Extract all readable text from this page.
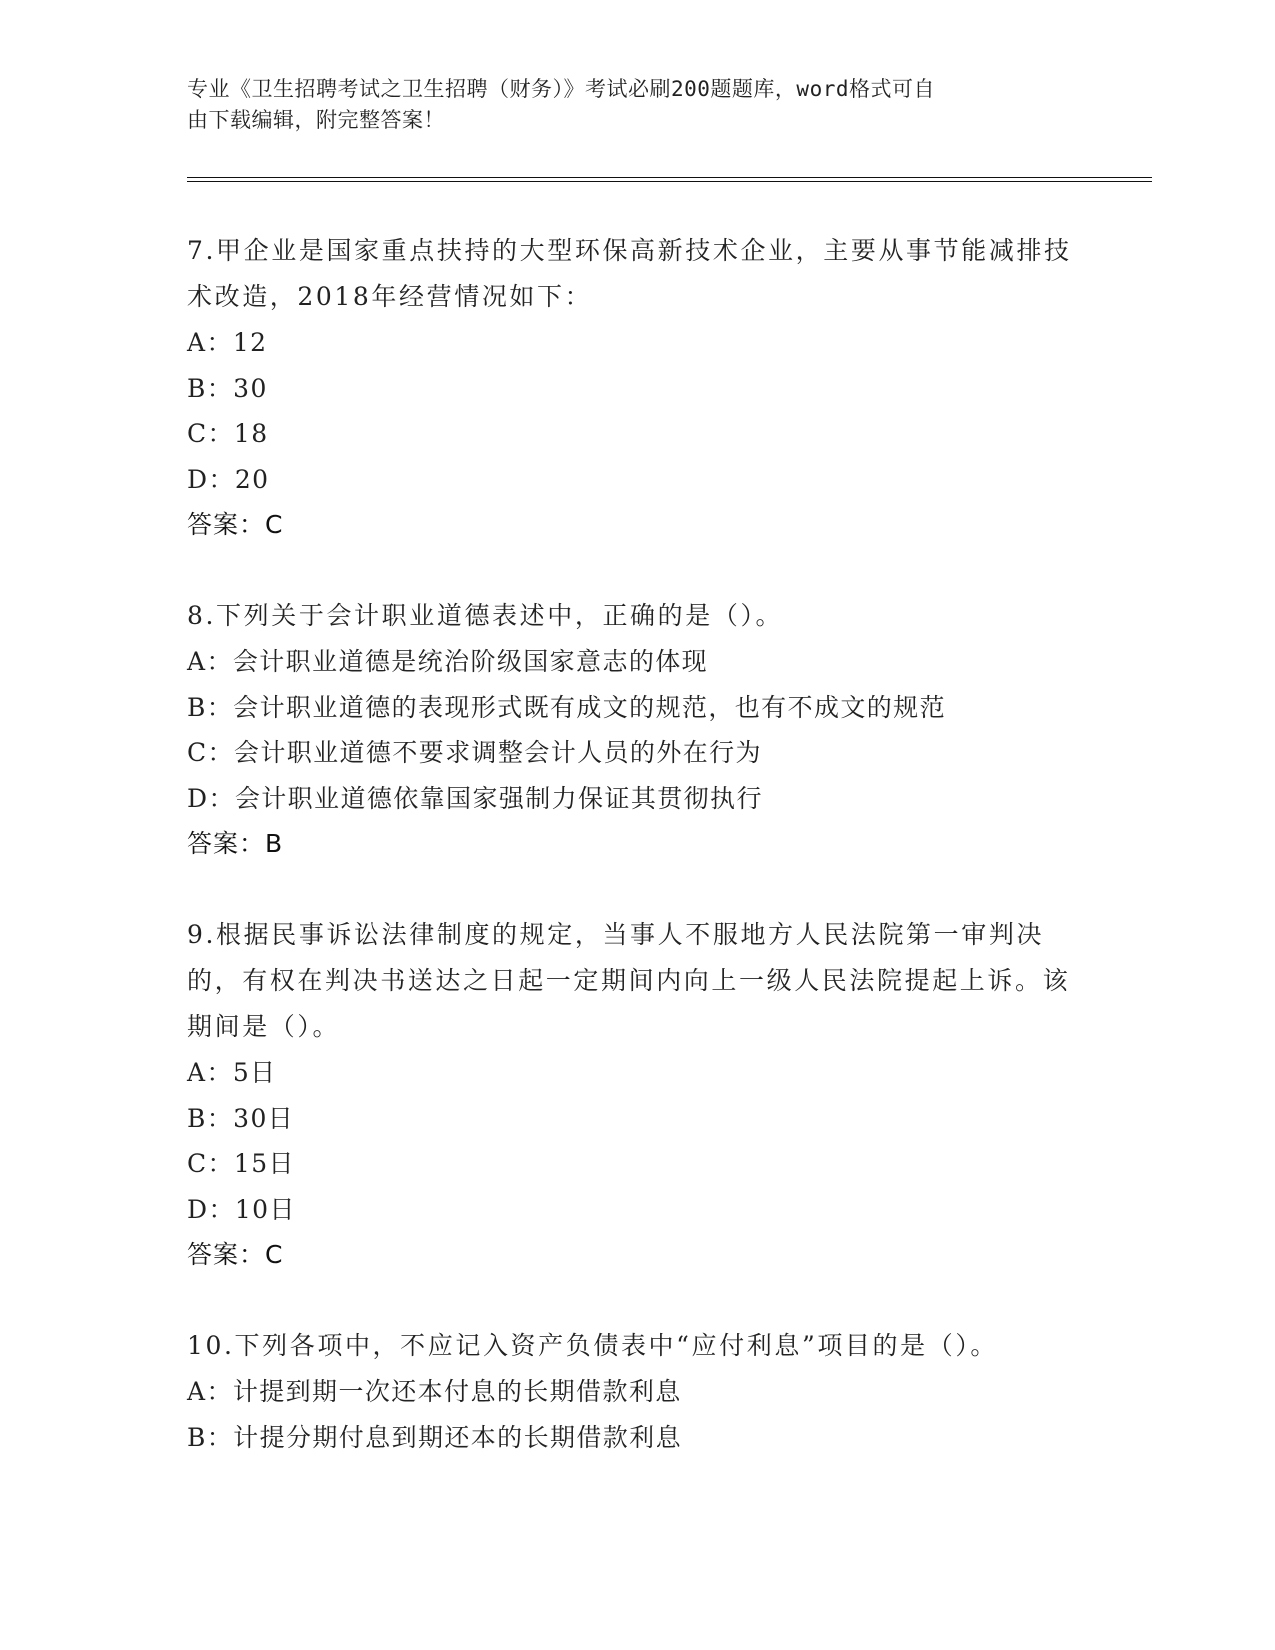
专业《卫生招聘考试之卫生招聘（财务）》考试必刷200题题库，word格式可自
由下载编辑，附完整答案！

7.甲企业是国家重点扶持的大型环保高新技术企业，主要从事节能减排技术改造，2018年经营情况如下：

A：12

B：30

C：18

D：20

答案：C

8.下列关于会计职业道德表述中，正确的是（）。

A：会计职业道德是统治阶级国家意志的体现

B：会计职业道德的表现形式既有成文的规范，也有不成文的规范

C：会计职业道德不要求调整会计人员的外在行为

D：会计职业道德依靠国家强制力保证其贯彻执行

答案：B

9.根据民事诉讼法律制度的规定，当事人不服地方人民法院第一审判决的，有权在判决书送达之日起一定期间内向上一级人民法院提起上诉。该期间是（）。

A：5日

B：30日

C：15日

D：10日

答案：C

10.下列各项中，不应记入资产负债表中“应付利息”项目的是（）。

A：计提到期一次还本付息的长期借款利息

B：计提分期付息到期还本的长期借款利息
